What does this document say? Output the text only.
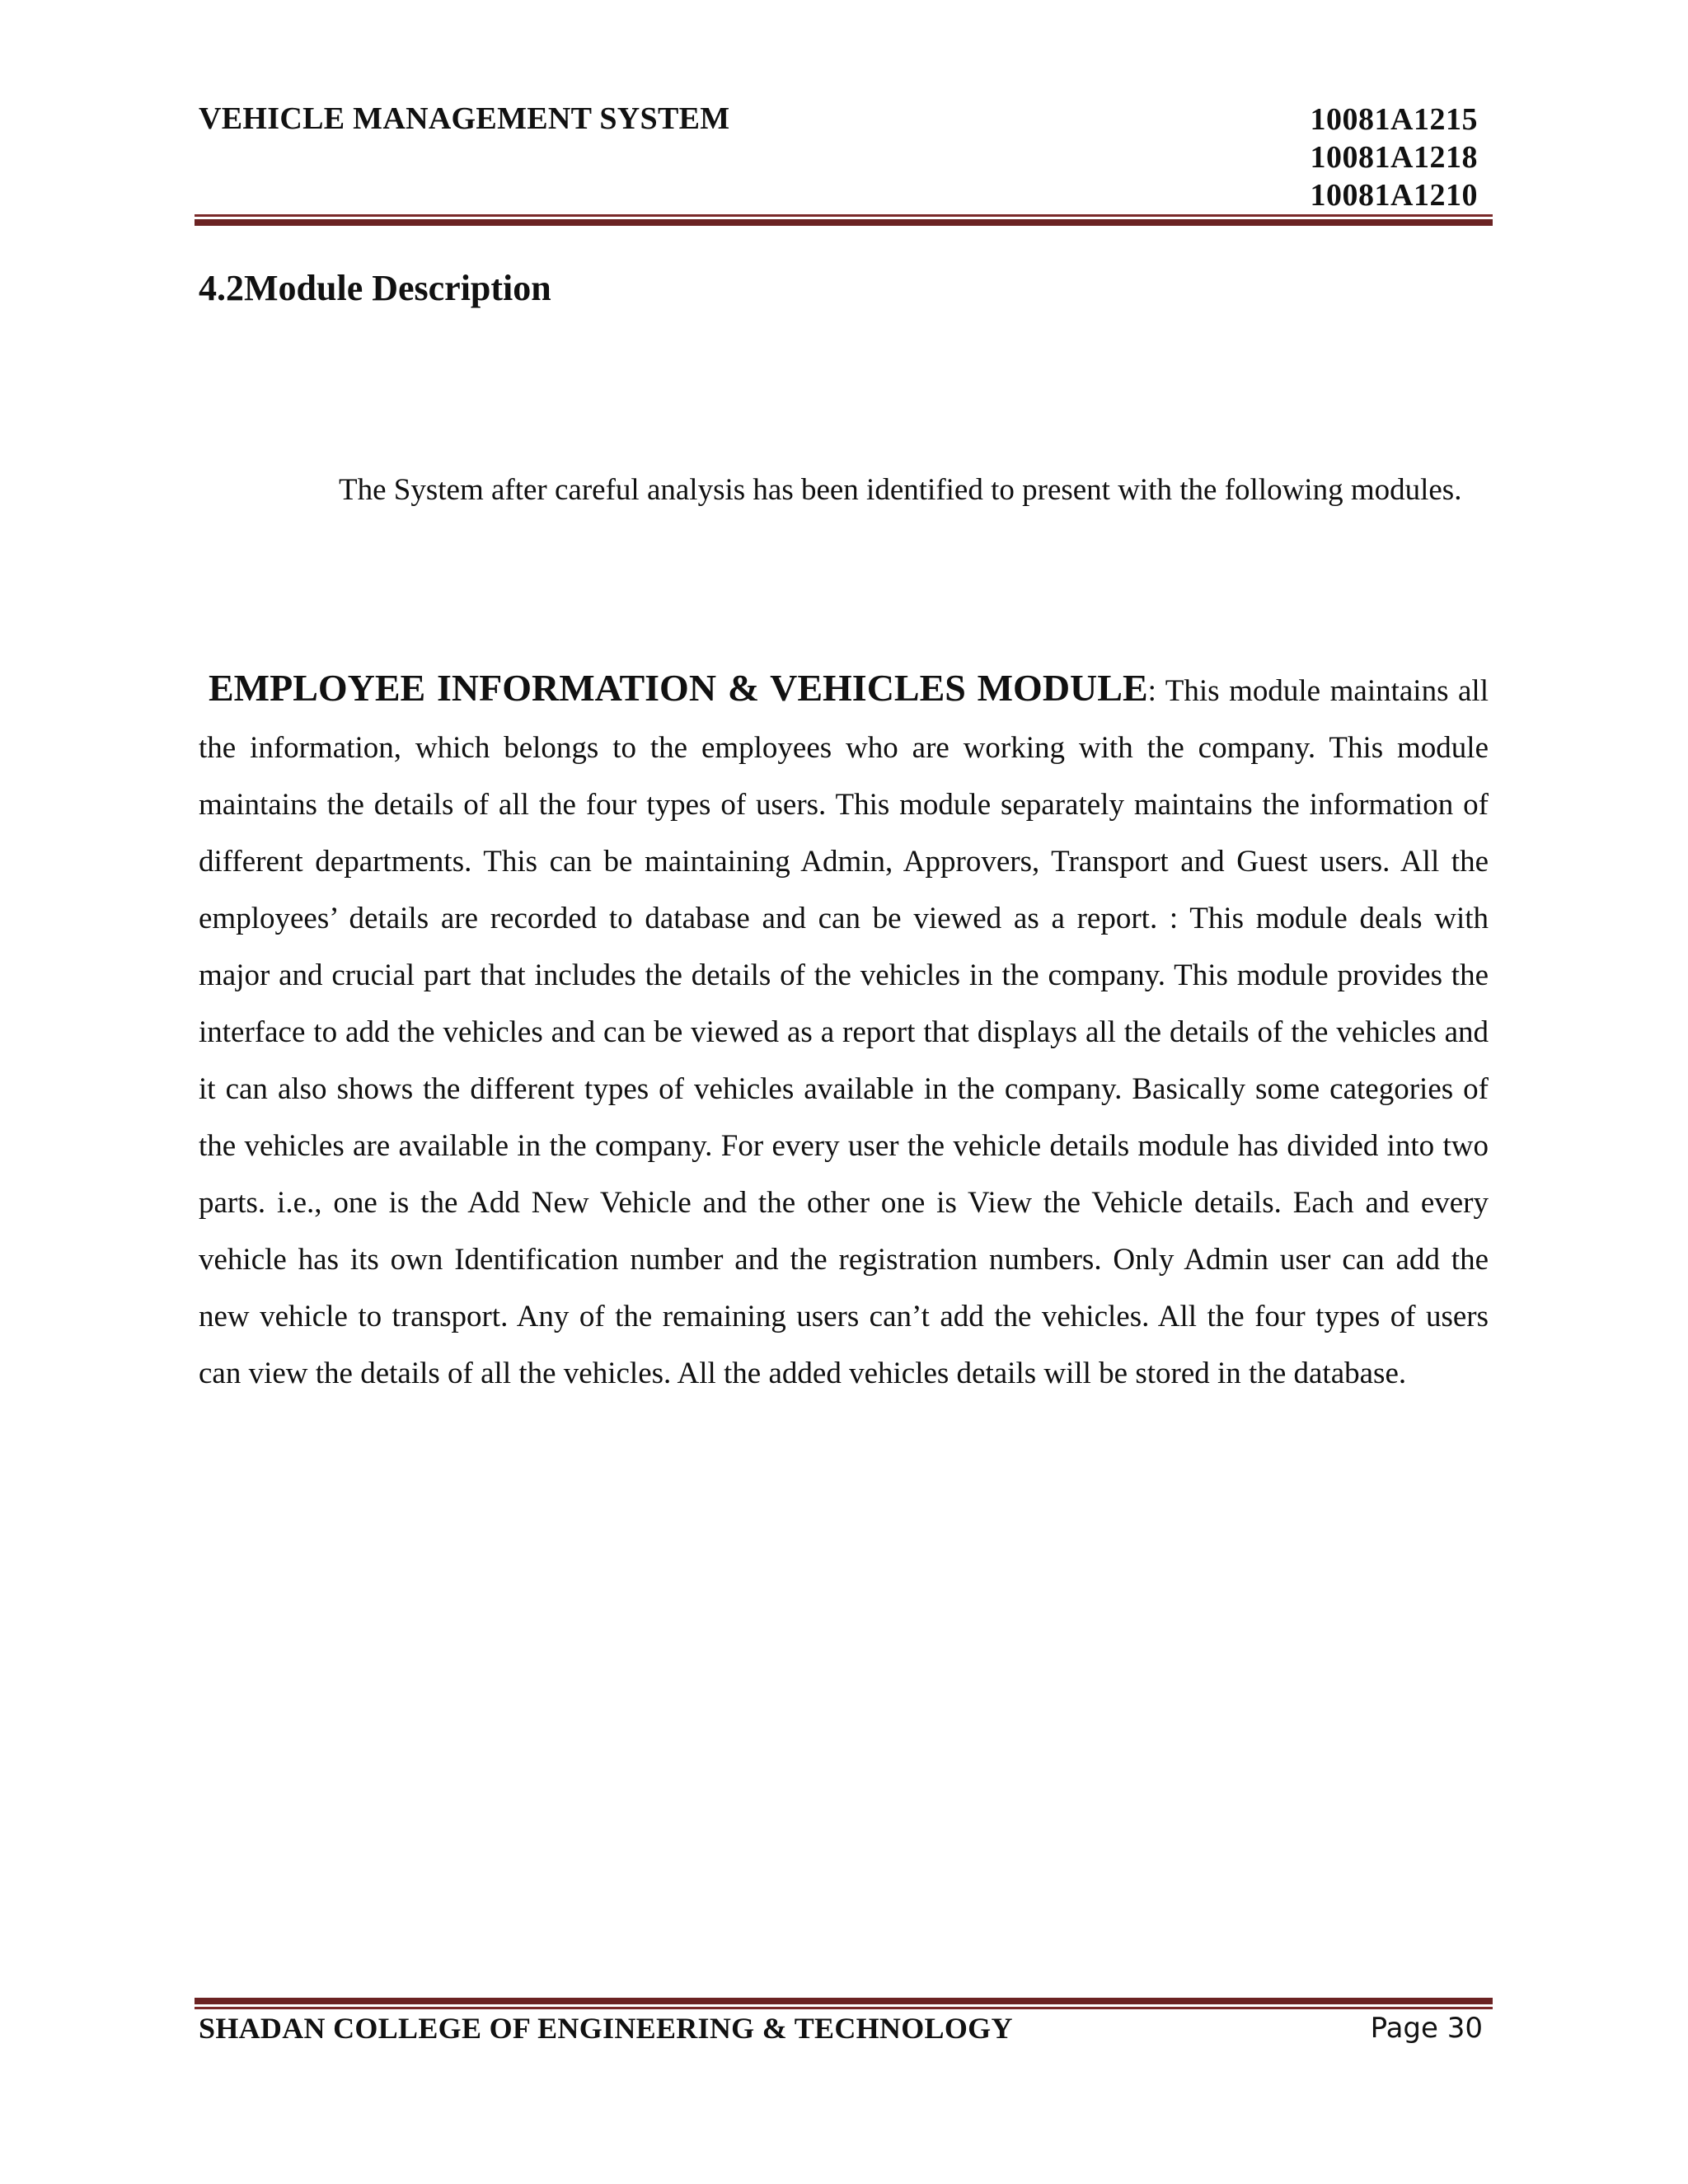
VEHICLE MANAGEMENT SYSTEM	10081A1215
10081A1218
10081A1210
4.2Module Description

The System after careful analysis has been identified to present with the following modules.

EMPLOYEE INFORMATION & VEHICLES MODULE: This module maintains all the information, which belongs to the employees who are working with the company. This module maintains the details of all the four types of users. This module separately maintains the information of different departments. This can be maintaining Admin, Approvers, Transport and Guest users. All the employees’ details are recorded to database and can be viewed as a report. : This module deals with major and crucial part that includes the details of the vehicles in the company. This module provides the interface to add the vehicles and can be viewed as a report that displays all the details of the vehicles and it can also shows the different types of vehicles available in the company. Basically some categories of the vehicles are available in the company. For every user the vehicle details module has divided into two parts. i.e., one is the Add New Vehicle and the other one is View the Vehicle details. Each and every vehicle has its own Identification number and the registration numbers. Only Admin user can add the new vehicle to transport. Any of the remaining users can’t add the vehicles. All the four types of users can view the details of all the vehicles. All the added vehicles details will be stored in the database.

SHADAN COLLEGE OF ENGINEERING & TECHNOLOGY	Page 30
